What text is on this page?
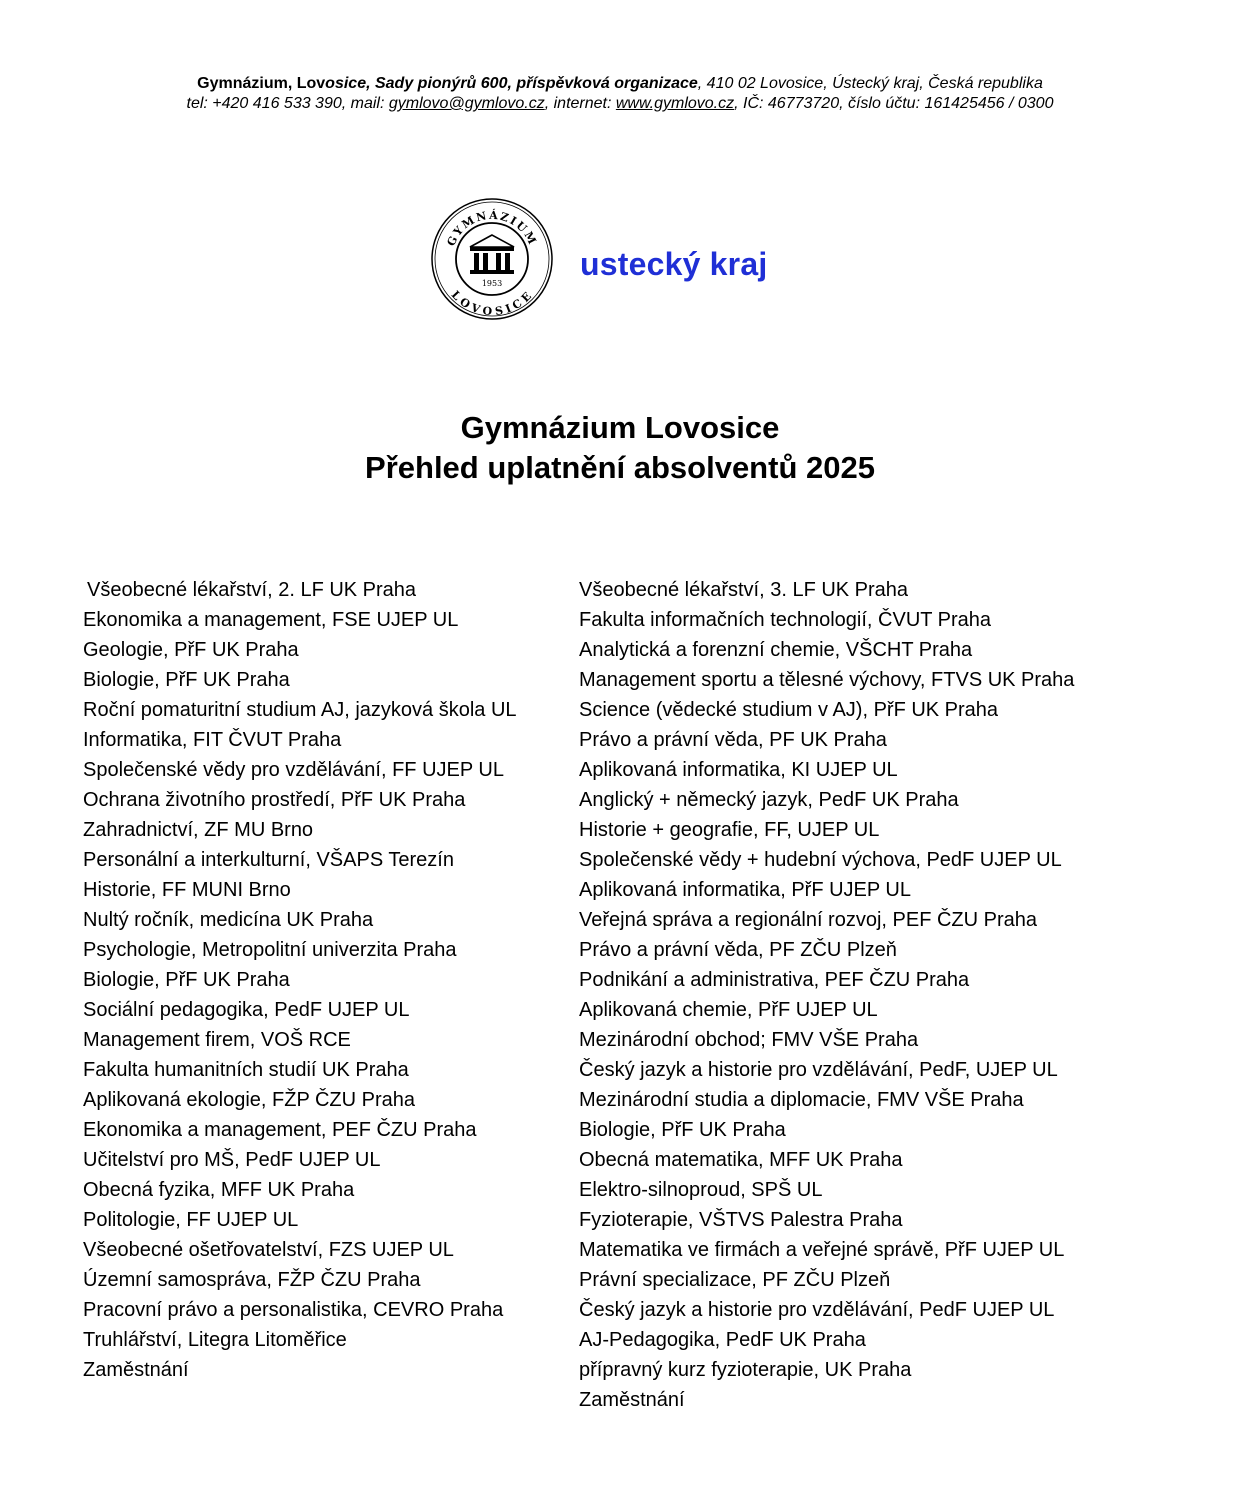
Gymnázium, Lovosice, Sady pionýrů 600, příspěvková organizace, 410 02 Lovosice, Ústecký kraj, Česká republika
tel: +420 416 533 390, mail: gymlovo@gymlovo.cz, internet: www.gymlovo.cz, IČ: 46773720, číslo účtu: 161425456 / 0300
GYMNÁZIUM
LOVOSICE
1953
ustecký kraj
Gymnázium Lovosice
Přehled uplatnění absolventů 2025
Všeobecné lékařství, 2. LF UK Praha
Ekonomika a management, FSE UJEP UL
Geologie, PřF UK Praha
Biologie, PřF UK Praha
Roční pomaturitní studium AJ, jazyková škola UL
Informatika, FIT ČVUT Praha
Společenské vědy pro vzdělávání, FF UJEP UL
Ochrana životního prostředí, PřF UK Praha
Zahradnictví, ZF MU Brno
Personální a interkulturní, VŠAPS Terezín
Historie, FF MUNI Brno
Nultý ročník, medicína UK Praha
Psychologie, Metropolitní univerzita Praha
Biologie, PřF UK Praha
Sociální pedagogika, PedF UJEP UL
Management firem, VOŠ RCE
Fakulta humanitních studií UK Praha
Aplikovaná ekologie, FŽP ČZU Praha
Ekonomika a management, PEF ČZU Praha
Učitelství pro MŠ, PedF UJEP UL
Obecná fyzika, MFF UK Praha
Politologie, FF UJEP UL
Všeobecné ošetřovatelství, FZS UJEP UL
Územní samospráva, FŽP ČZU Praha
Pracovní právo a personalistika, CEVRO Praha
Truhlářství, Litegra Litoměřice
Zaměstnání
Všeobecné lékařství, 3. LF UK Praha
Fakulta informačních technologií, ČVUT Praha
Analytická a forenzní chemie, VŠCHT Praha
Management sportu a tělesné výchovy, FTVS UK Praha
Science (vědecké studium v AJ), PřF UK Praha
Právo a právní věda, PF UK Praha
Aplikovaná informatika, KI UJEP UL
Anglický + německý jazyk, PedF UK Praha
Historie + geografie, FF, UJEP UL
Společenské vědy + hudební výchova, PedF UJEP UL
Aplikovaná informatika, PřF UJEP UL
Veřejná správa a regionální rozvoj, PEF ČZU Praha
Právo a právní věda, PF ZČU Plzeň
Podnikání a administrativa, PEF ČZU Praha
Aplikovaná chemie, PřF UJEP UL
Mezinárodní obchod; FMV VŠE Praha
Český jazyk a historie pro vzdělávání, PedF, UJEP UL
Mezinárodní studia a diplomacie, FMV VŠE Praha
Biologie, PřF UK Praha
Obecná matematika, MFF UK Praha
Elektro-silnoproud, SPŠ UL
Fyzioterapie, VŠTVS Palestra Praha
Matematika ve firmách a veřejné správě, PřF UJEP UL
Právní specializace, PF ZČU Plzeň
Český jazyk a historie pro vzdělávání, PedF UJEP UL
AJ-Pedagogika, PedF UK Praha
přípravný kurz fyzioterapie, UK Praha
Zaměstnání
